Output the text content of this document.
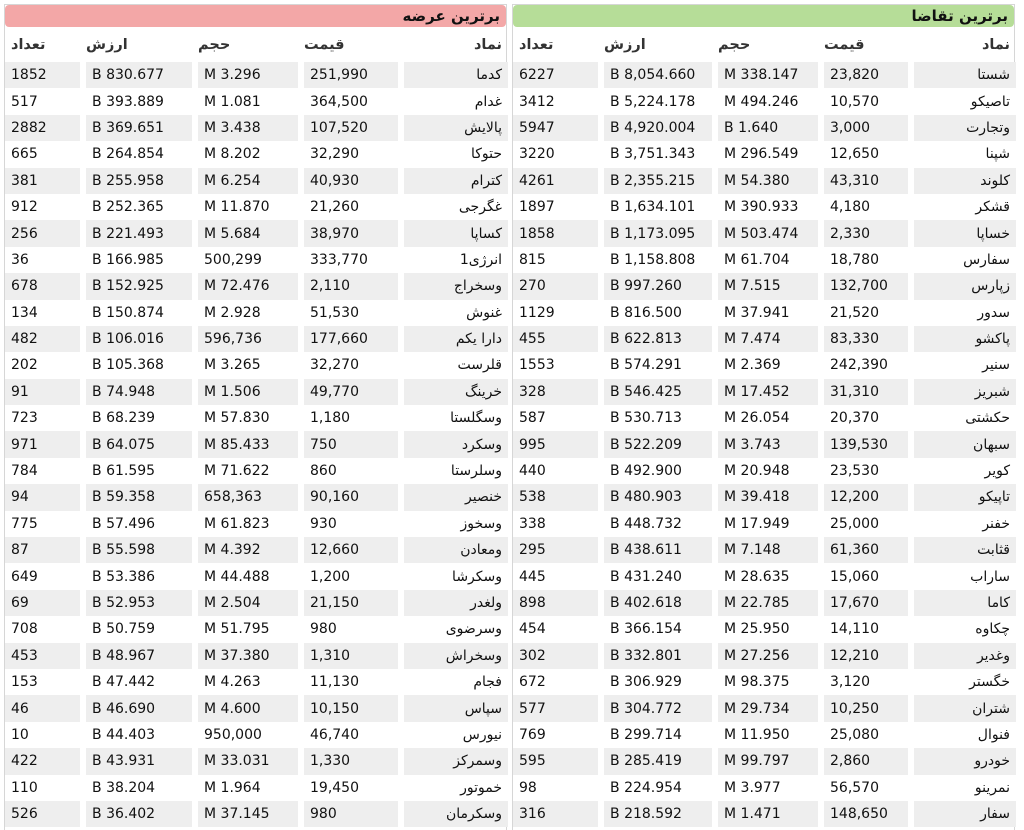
برترین تقاضا
نماد	قیمت	حجم	ارزش	تعداد
شستا	23,820	338.147 M	8,054.660 B	6227
تاصیکو	10,570	494.246 M	5,224.178 B	3412
وتجارت	3,000	1.640 B	4,920.004 B	5947
شپنا	12,650	296.549 M	3,751.343 B	3220
کلوند	43,310	54.380 M	2,355.215 B	4261
قشکر	4,180	390.933 M	1,634.101 B	1897
خساپا	2,330	503.474 M	1,173.095 B	1858
سفارس	18,780	61.704 M	1,158.808 B	815
زپارس	132,700	7.515 M	997.260 B	270
سدور	21,520	37.941 M	816.500 B	1129
پاکشو	83,330	7.474 M	622.813 B	455
سنیر	242,390	2.369 M	574.291 B	1553
شبریز	31,310	17.452 M	546.425 B	328
حکشتی	20,370	26.054 M	530.713 B	587
سبهان	139,530	3.743 M	522.209 B	995
کویر	23,530	20.948 M	492.900 B	440
تاپیکو	12,200	39.418 M	480.903 B	538
خفنر	25,000	17.949 M	448.732 B	338
قثابت	61,360	7.148 M	438.611 B	295
ساراب	15,060	28.635 M	431.240 B	445
کاما	17,670	22.785 M	402.618 B	898
چکاوه	14,110	25.950 M	366.154 B	454
وغدیر	12,210	27.256 M	332.801 B	302
خگستر	3,120	98.375 M	306.929 B	672
شتران	10,250	29.734 M	304.772 B	577
فنوال	25,080	11.950 M	299.714 B	769
خودرو	2,860	99.797 M	285.419 B	595
نمرینو	56,570	3.977 M	224.954 B	98
سفار	148,650	1.471 M	218.592 B	316
برترین عرضه
نماد	قیمت	حجم	ارزش	تعداد
کدما	251,990	3.296 M	830.677 B	1852
غدام	364,500	1.081 M	393.889 B	517
پالایش	107,520	3.438 M	369.651 B	2882
حتوکا	32,290	8.202 M	264.854 B	665
کترام	40,930	6.254 M	255.958 B	381
غگرجی	21,260	11.870 M	252.365 B	912
کساپا	38,970	5.684 M	221.493 B	256
انرژی1	333,770	500,299	166.985 B	36
وسخراج	2,110	72.476 M	152.925 B	678
غنوش	51,530	2.928 M	150.874 B	134
دارا یکم	177,660	596,736	106.016 B	482
قلرست	32,270	3.265 M	105.368 B	202
خرینگ	49,770	1.506 M	74.948 B	91
وسگلستا	1,180	57.830 M	68.239 B	723
وسکرد	750	85.433 M	64.075 B	971
وسلرستا	860	71.622 M	61.595 B	784
خنصیر	90,160	658,363	59.358 B	94
وسخوز	930	61.823 M	57.496 B	775
ومعادن	12,660	4.392 M	55.598 B	87
وسکرشا	1,200	44.488 M	53.386 B	649
ولغدر	21,150	2.504 M	52.953 B	69
وسرضوی	980	51.795 M	50.759 B	708
وسخراش	1,310	37.380 M	48.967 B	453
فجام	11,130	4.263 M	47.442 B	153
سپاس	10,150	4.600 M	46.690 B	46
نیورس	46,740	950,000	44.403 B	10
وسمرکز	1,330	33.031 M	43.931 B	422
خموتور	19,450	1.964 M	38.204 B	110
وسکرمان	980	37.145 M	36.402 B	526
